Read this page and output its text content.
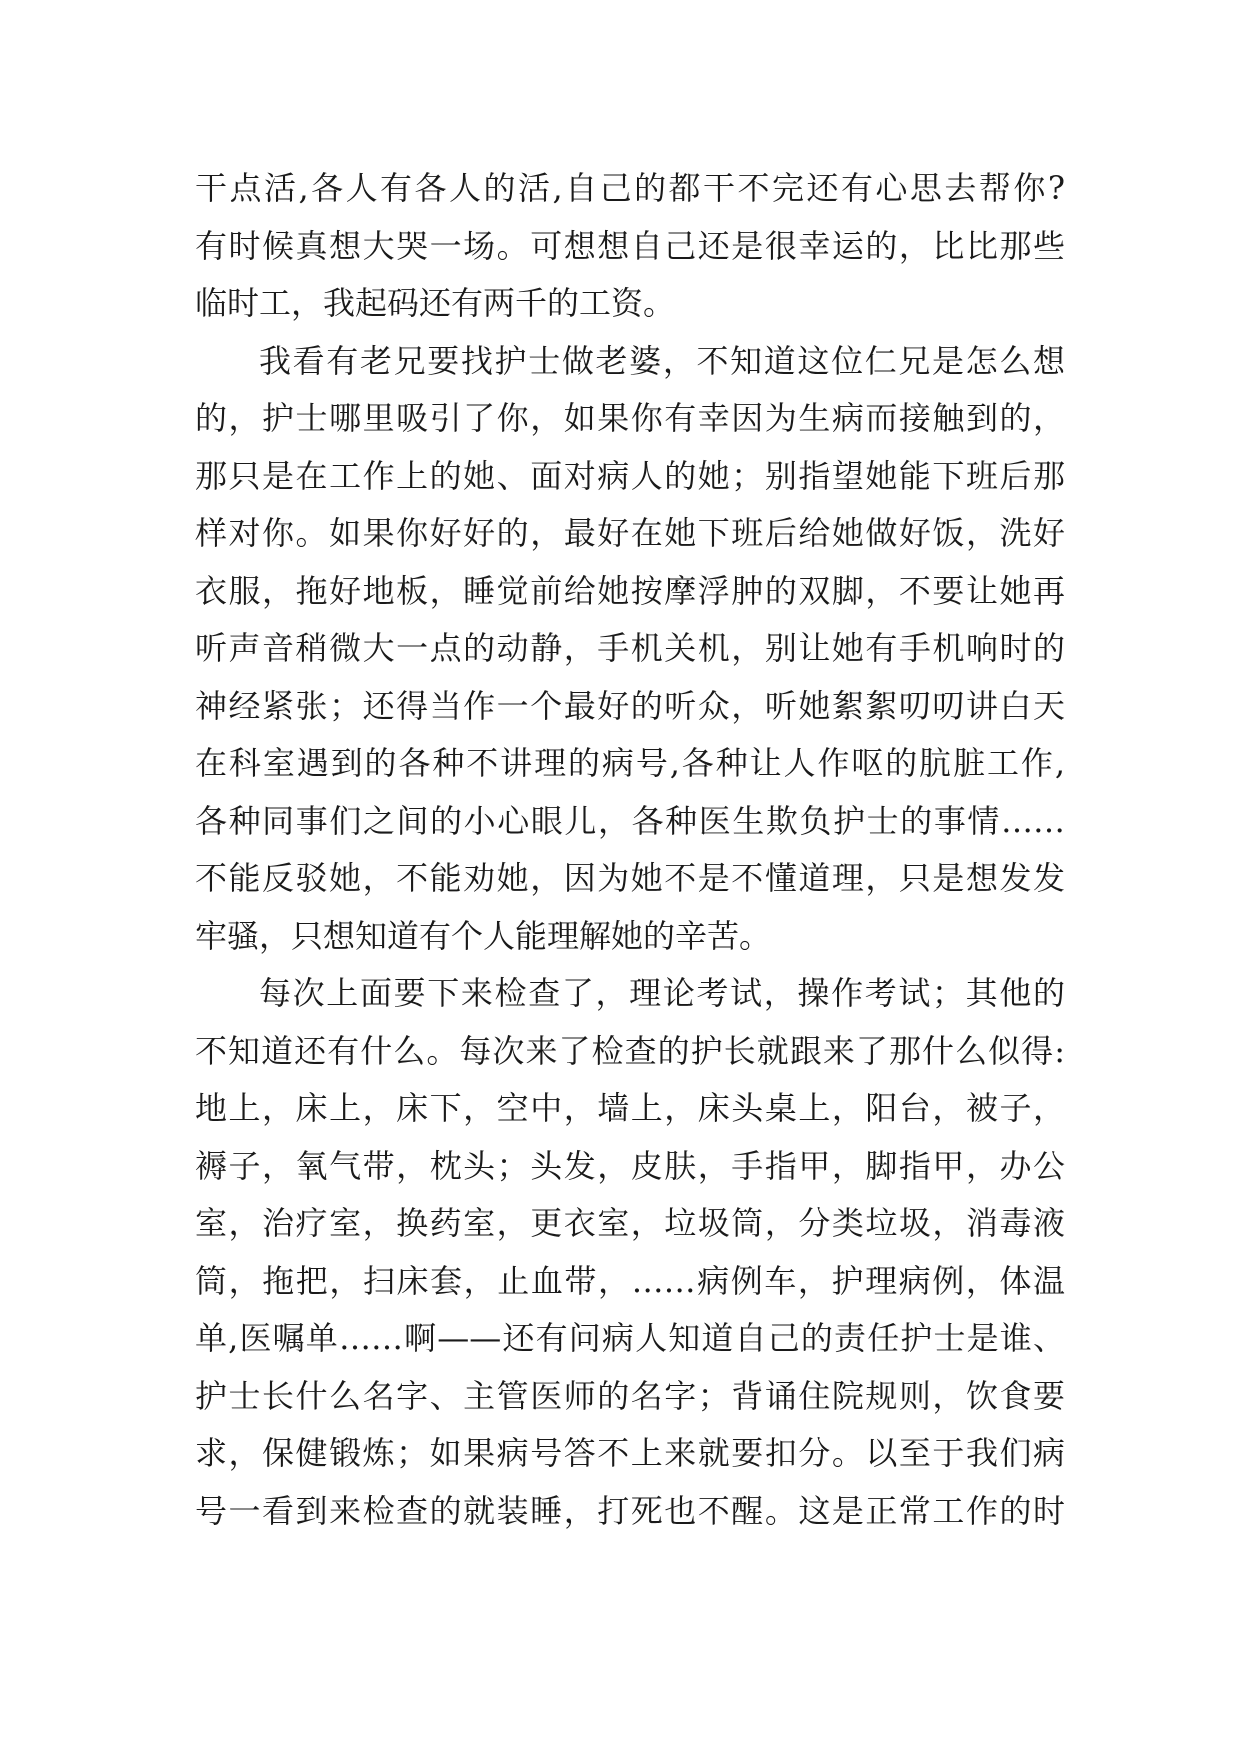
干点活,各人有各人的活,自己的都干不完还有心思去帮你?
有时候真想大哭一场。可想想自己还是很幸运的，比比那些
临时工，我起码还有两千的工资。
我看有老兄要找护士做老婆，不知道这位仁兄是怎么想
的，护士哪里吸引了你，如果你有幸因为生病而接触到的，
那只是在工作上的她、面对病人的她；别指望她能下班后那
样对你。如果你好好的，最好在她下班后给她做好饭，洗好
衣服，拖好地板，睡觉前给她按摩浮肿的双脚，不要让她再
听声音稍微大一点的动静，手机关机，别让她有手机响时的
神经紧张；还得当作一个最好的听众，听她絮絮叨叨讲白天
在科室遇到的各种不讲理的病号,各种让人作呕的肮脏工作,
各种同事们之间的小心眼儿，各种医生欺负护士的事情……
不能反驳她，不能劝她，因为她不是不懂道理，只是想发发
牢骚，只想知道有个人能理解她的辛苦。
每次上面要下来检查了，理论考试，操作考试；其他的
不知道还有什么。每次来了检查的护长就跟来了那什么似得:
地上，床上，床下，空中，墙上，床头桌上，阳台，被子，
褥子，氧气带，枕头；头发，皮肤，手指甲，脚指甲，办公
室，治疗室，换药室，更衣室，垃圾筒，分类垃圾，消毒液
筒，拖把，扫床套，止血带，……病例车，护理病例，体温
单,医嘱单……啊——还有问病人知道自己的责任护士是谁、
护士长什么名字、主管医师的名字；背诵住院规则，饮食要
求，保健锻炼；如果病号答不上来就要扣分。以至于我们病
号一看到来检查的就装睡，打死也不醒。这是正常工作的时
